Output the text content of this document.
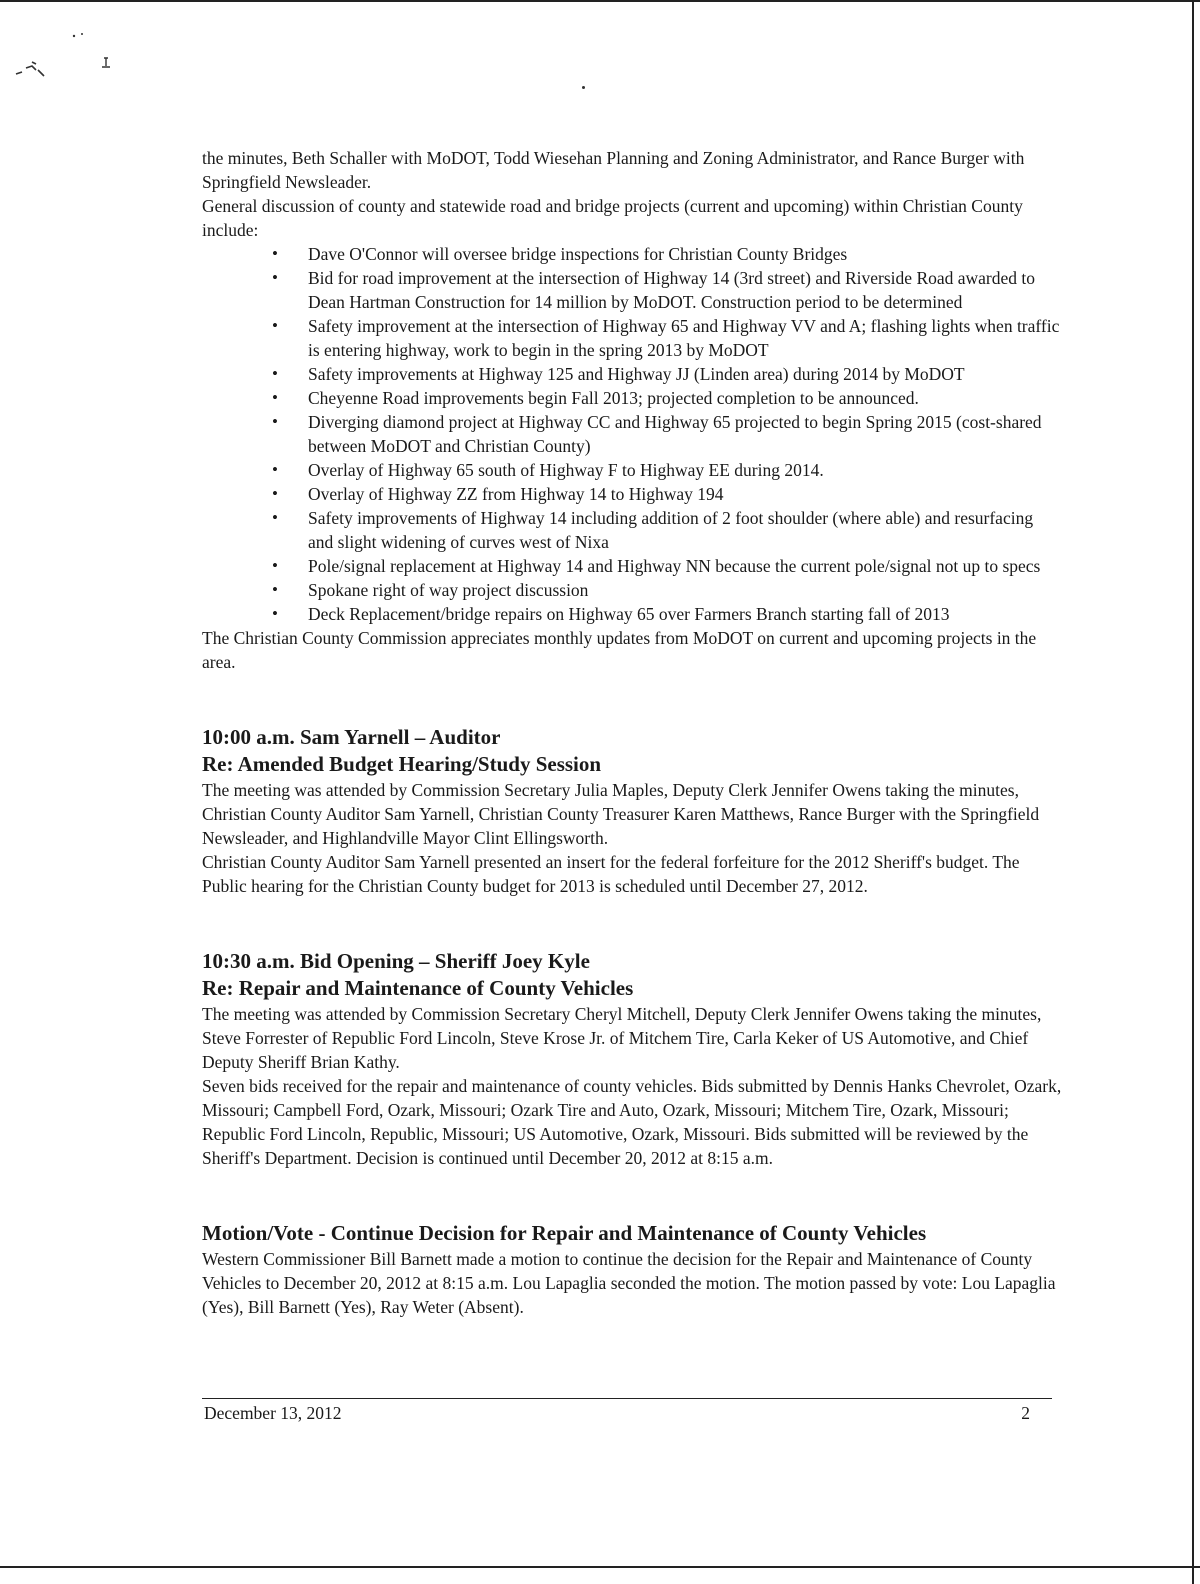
the minutes, Beth Schaller with MoDOT, Todd Wiesehan Planning and Zoning Administrator, and Rance Burger with Springfield Newsleader.

General discussion of county and statewide road and bridge projects (current and upcoming) within Christian County include:

• Dave O'Connor will oversee bridge inspections for Christian County Bridges
• Bid for road improvement at the intersection of Highway 14 (3rd street) and Riverside Road awarded to Dean Hartman Construction for 14 million by MoDOT. Construction period to be determined
• Safety improvement at the intersection of Highway 65 and Highway VV and A; flashing lights when traffic is entering highway, work to begin in the spring 2013 by MoDOT
• Safety improvements at Highway 125 and Highway JJ (Linden area) during 2014 by MoDOT
• Cheyenne Road improvements begin Fall 2013; projected completion to be announced.
• Diverging diamond project at Highway CC and Highway 65 projected to begin Spring 2015 (cost-shared between MoDOT and Christian County)
• Overlay of Highway 65 south of Highway F to Highway EE during 2014.
• Overlay of Highway ZZ from Highway 14 to Highway 194
• Safety improvements of Highway 14 including addition of 2 foot shoulder (where able) and resurfacing and slight widening of curves west of Nixa
• Pole/signal replacement at Highway 14 and Highway NN because the current pole/signal not up to specs
• Spokane right of way project discussion
• Deck Replacement/bridge repairs on Highway 65 over Farmers Branch starting fall of 2013

The Christian County Commission appreciates monthly updates from MoDOT on current and upcoming projects in the area.

10:00 a.m. Sam Yarnell – Auditor

Re: Amended Budget Hearing/Study Session

The meeting was attended by Commission Secretary Julia Maples, Deputy Clerk Jennifer Owens taking the minutes, Christian County Auditor Sam Yarnell, Christian County Treasurer Karen Matthews, Rance Burger with the Springfield Newsleader, and Highlandville Mayor Clint Ellingsworth.

Christian County Auditor Sam Yarnell presented an insert for the federal forfeiture for the 2012 Sheriff's budget. The Public hearing for the Christian County budget for 2013 is scheduled until December 27, 2012.

10:30 a.m. Bid Opening – Sheriff Joey Kyle

Re: Repair and Maintenance of County Vehicles

The meeting was attended by Commission Secretary Cheryl Mitchell, Deputy Clerk Jennifer Owens taking the minutes, Steve Forrester of Republic Ford Lincoln, Steve Krose Jr. of Mitchem Tire, Carla Keker of US Automotive, and Chief Deputy Sheriff Brian Kathy.

Seven bids received for the repair and maintenance of county vehicles. Bids submitted by Dennis Hanks Chevrolet, Ozark, Missouri; Campbell Ford, Ozark, Missouri; Ozark Tire and Auto, Ozark, Missouri; Mitchem Tire, Ozark, Missouri; Republic Ford Lincoln, Republic, Missouri; US Automotive, Ozark, Missouri. Bids submitted will be reviewed by the Sheriff's Department. Decision is continued until December 20, 2012 at 8:15 a.m.

Motion/Vote - Continue Decision for Repair and Maintenance of County Vehicles

Western Commissioner Bill Barnett made a motion to continue the decision for the Repair and Maintenance of County Vehicles to December 20, 2012 at 8:15 a.m. Lou Lapaglia seconded the motion. The motion passed by vote: Lou Lapaglia (Yes), Bill Barnett (Yes), Ray Weter (Absent).

December 13, 2012	2
